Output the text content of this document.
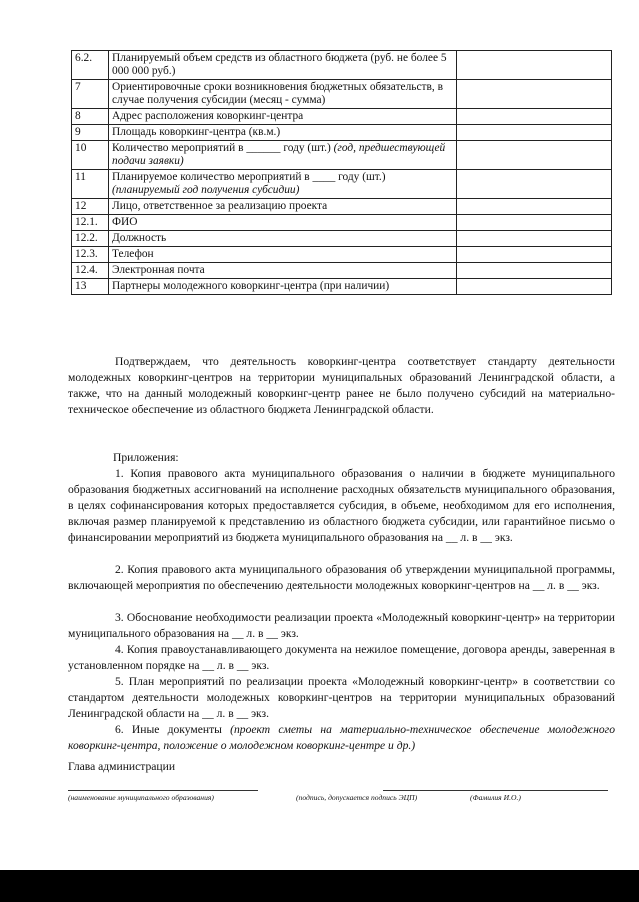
6.2.	Планируемый объем средств из областного бюджета (руб. не более 5 000 000 руб.)	
7	Ориентировочные сроки возникновения бюджетных обязательств, в случае получения субсидии (месяц - сумма)	
8	Адрес расположения коворкинг-центра	
9	Площадь коворкинг-центра (кв.м.)	
10	Количество мероприятий в ______ году (шт.) (год, предшествующей подачи заявки)	
11	Планируемое количество мероприятий в ____ году (шт.) (планируемый год получения субсидии)	
12	Лицо, ответственное за реализацию проекта	
12.1.	ФИО	
12.2.	Должность	
12.3.	Телефон	
12.4.	Электронная почта	
13	Партнеры молодежного коворкинг-центра (при наличии)	
Подтверждаем, что деятельность коворкинг-центра соответствует стандарту деятельности молодежных коворкинг-центров на территории муниципальных образований Ленинградской области, а также, что на данный молодежный коворкинг-центр ранее не было получено субсидий на материально-техническое обеспечение из областного бюджета Ленинградской области.
Приложения:
1. Копия правового акта муниципального образования о наличии в бюджете муниципального образования бюджетных ассигнований на исполнение расходных обязательств муниципального образования, в целях софинансирования которых предоставляется субсидия, в объеме, необходимом для его исполнения, включая размер планируемой к представлению из областного бюджета субсидии, или гарантийное письмо о финансировании мероприятий из бюджета муниципального образования на __ л. в __ экз.
2. Копия правового акта муниципального образования об утверждении муниципальной программы, включающей мероприятия по обеспечению деятельности молодежных коворкинг-центров на __ л. в __ экз.
3. Обоснование необходимости реализации проекта «Молодежный коворкинг-центр» на территории муниципального образования на __ л. в __ экз.
4. Копия правоустанавливающего документа на нежилое помещение, договора аренды, заверенная в установленном порядке на __ л. в __ экз.
5. План мероприятий по реализации проекта «Молодежный коворкинг-центр» в соответствии со стандартом деятельности молодежных коворкинг-центров на территории муниципальных образований Ленинградской области на __ л. в __ экз.
6. Иные документы (проект сметы на материально-техническое обеспечение молодежного коворкинг-центра, положение о молодежном коворкинг-центре и др.)
Глава администрации
(наименование муниципального образования)	(подпись, допускается подпись ЭЦП)	(Фамилия И.О.)
